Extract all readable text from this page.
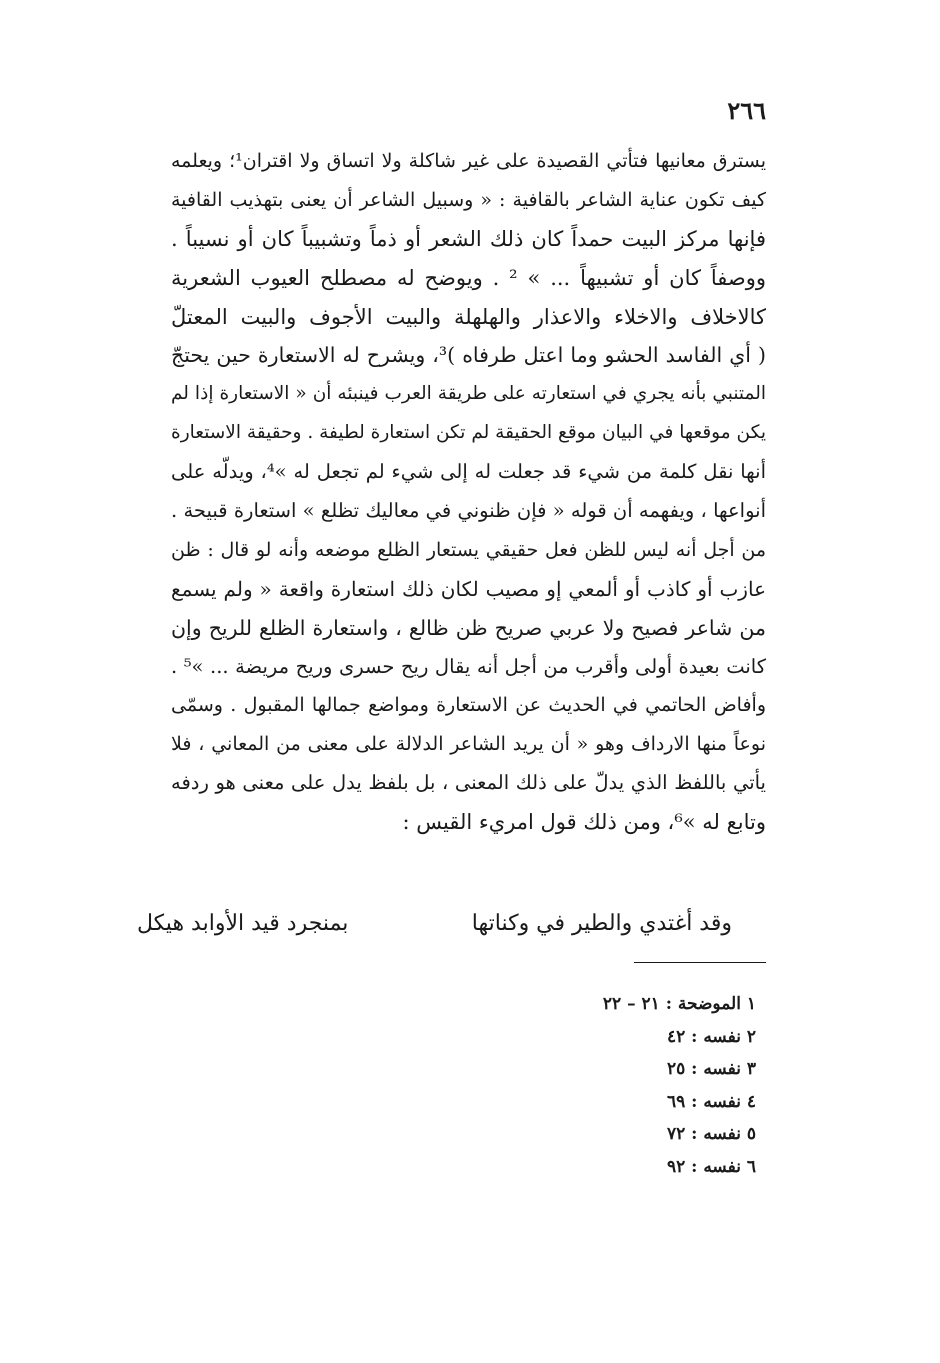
٢٦٦
يسترق معانيها فتأتي القصيدة على غير شاكلة ولا اتساق ولا اقتران¹؛ ويعلمه
كيف تكون عناية الشاعر بالقافية : « وسبيل الشاعر أن يعنى بتهذيب القافية
فإنها مركز البيت حمداً كان ذلك الشعر أو ذماً وتشبيباً كان أو نسيباً .
ووصفاً كان أو تشبيهاً ... » ² . ويوضح له مصطلح العيوب الشعرية
كالاخلاف والاخلاء والاعذار والهلهلة والبيت الأجوف والبيت المعتلّ
( أي الفاسد الحشو وما اعتل طرفاه )³، ويشرح له الاستعارة حين يحتجّ
المتنبي بأنه يجري في استعارته على طريقة العرب فينبئه أن « الاستعارة إذا لم
يكن موقعها في البيان موقع الحقيقة لم تكن استعارة لطيفة . وحقيقة الاستعارة
أنها نقل كلمة من شيء قد جعلت له إلى شيء لم تجعل له »⁴، ويدلّه على
أنواعها ، ويفهمه أن قوله « فإن ظنوني في معاليك تظلع » استعارة قبيحة .
من أجل أنه ليس للظن فعل حقيقي يستعار الظلع موضعه وأنه لو قال : ظن
عازب أو كاذب أو ألمعي إو مصيب لكان ذلك استعارة واقعة « ولم يسمع
من شاعر فصيح ولا عربي صريح ظن ظالع ، واستعارة الظلع للريح وإن
كانت بعيدة أولى وأقرب من أجل أنه يقال ريح حسرى وريح مريضة ... »⁵ .
وأفاض الحاتمي في الحديث عن الاستعارة ومواضع جمالها المقبول . وسمّى
نوعاً منها الارداف وهو « أن يريد الشاعر الدلالة على معنى من المعاني ، فلا
يأتي باللفظ الذي يدلّ على ذلك المعنى ، بل بلفظ يدل على معنى هو ردفه
وتابع له »⁶، ومن ذلك قول امريء القيس :
وقد أغتدي والطير في وكناتها
بمنجرد قيد الأوابد هيكل
١ الموضحة : ٢١ – ٢٢
٢ نفسه : ٤٢
٣ نفسه : ٢٥
٤ نفسه : ٦٩
٥ نفسه : ٧٢
٦ نفسه : ٩٢
